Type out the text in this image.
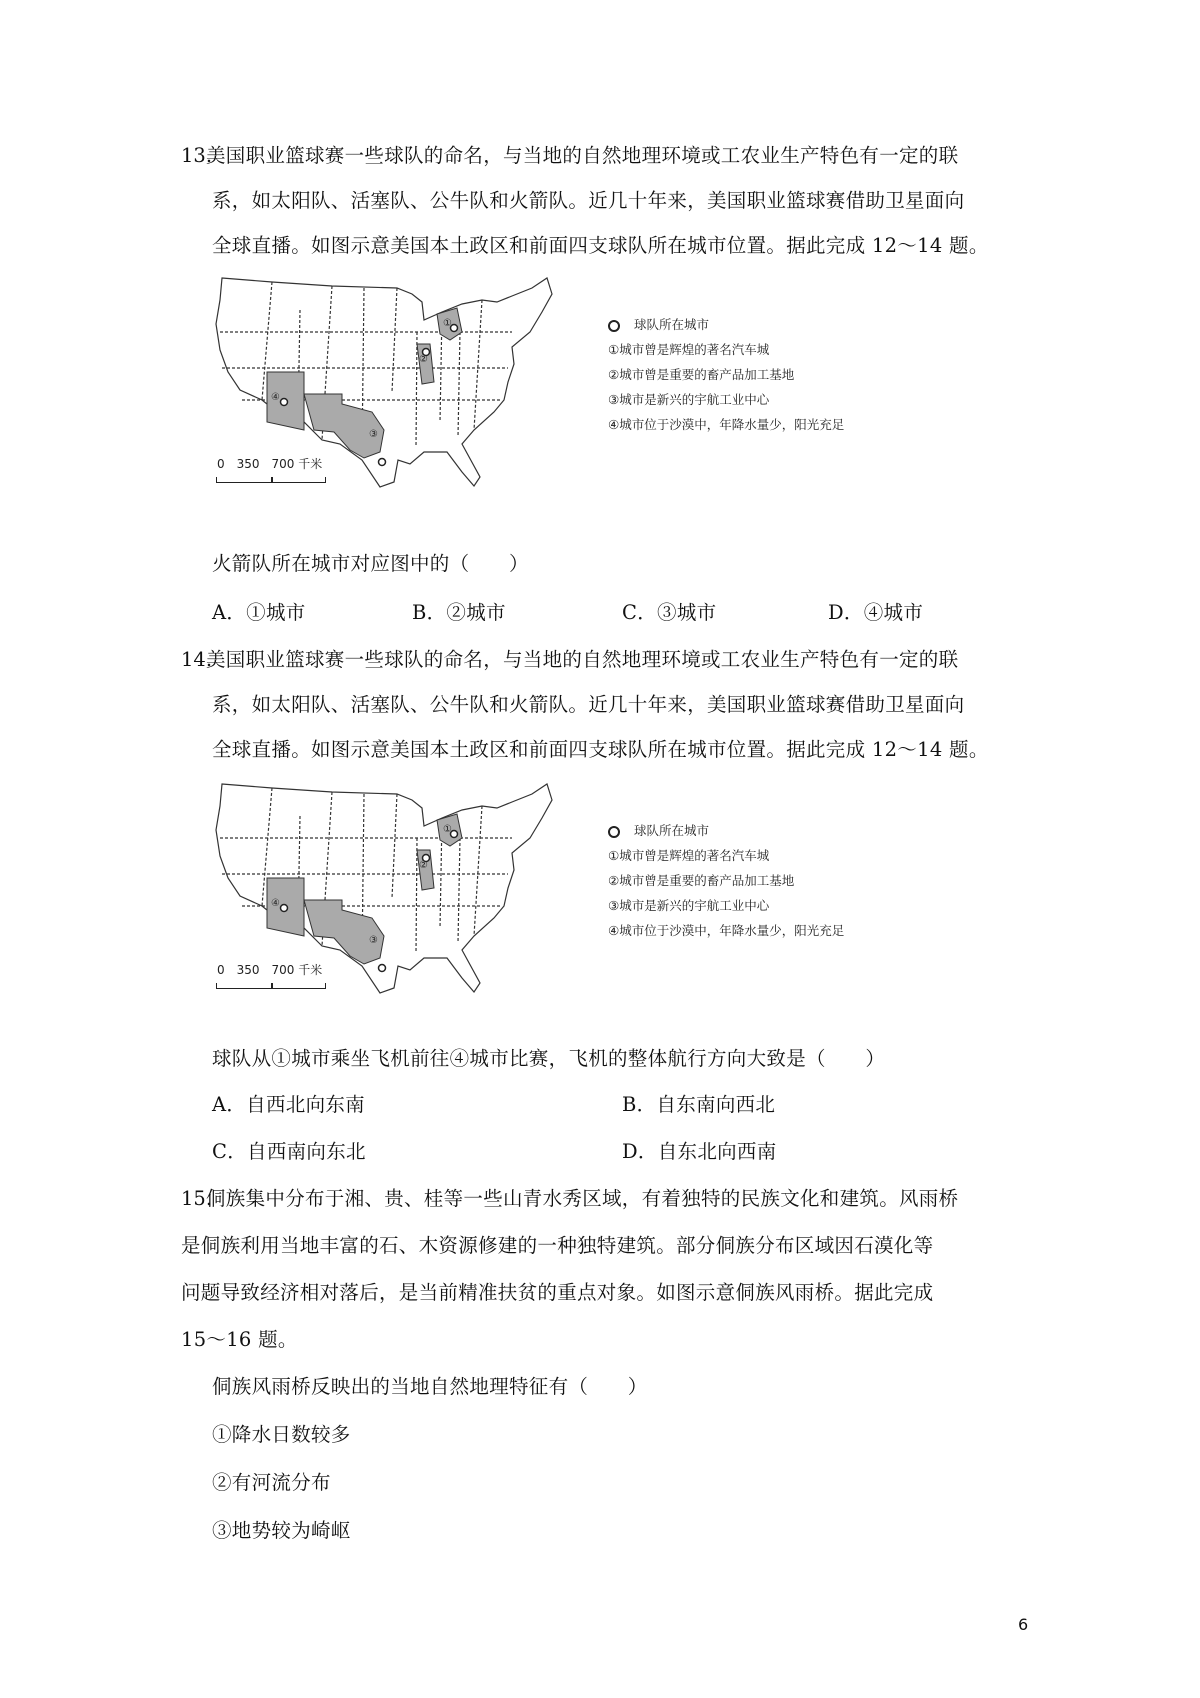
13.
美国职业篮球赛一些球队的命名，与当地的自然地理环境或工农业生产特色有一定的联
系，如太阳队、活塞队、公牛队和火箭队。近几十年来，美国职业篮球赛借助卫星面向
全球直播。如图示意美国本土政区和前面四支球队所在城市位置。据此完成 12～14 题。
①
②
③
④
0　350　700 千米
球队所在城市
①城市曾是辉煌的著名汽车城
②城市曾是重要的畜产品加工基地
③城市是新兴的宇航工业中心
④城市位于沙漠中，年降水量少，阳光充足
火箭队所在城市对应图中的（　　）
A．①城市	B．②城市	C．③城市	D．④城市
14.
美国职业篮球赛一些球队的命名，与当地的自然地理环境或工农业生产特色有一定的联
系，如太阳队、活塞队、公牛队和火箭队。近几十年来，美国职业篮球赛借助卫星面向
全球直播。如图示意美国本土政区和前面四支球队所在城市位置。据此完成 12～14 题。
①
②
③
④
0　350　700 千米
球队所在城市
①城市曾是辉煌的著名汽车城
②城市曾是重要的畜产品加工基地
③城市是新兴的宇航工业中心
④城市位于沙漠中，年降水量少，阳光充足
球队从①城市乘坐飞机前往④城市比赛，飞机的整体航行方向大致是（　　）
A．自西北向东南	B．自东南向西北
C．自西南向东北	D．自东北向西南
15.
侗族集中分布于湘、贵、桂等一些山青水秀区域，有着独特的民族文化和建筑。风雨桥
是侗族利用当地丰富的石、木资源修建的一种独特建筑。部分侗族分布区域因石漠化等
问题导致经济相对落后，是当前精准扶贫的重点对象。如图示意侗族风雨桥。据此完成
15～16 题。
侗族风雨桥反映出的当地自然地理特征有（　　）
①降水日数较多
②有河流分布
③地势较为崎岖
6
